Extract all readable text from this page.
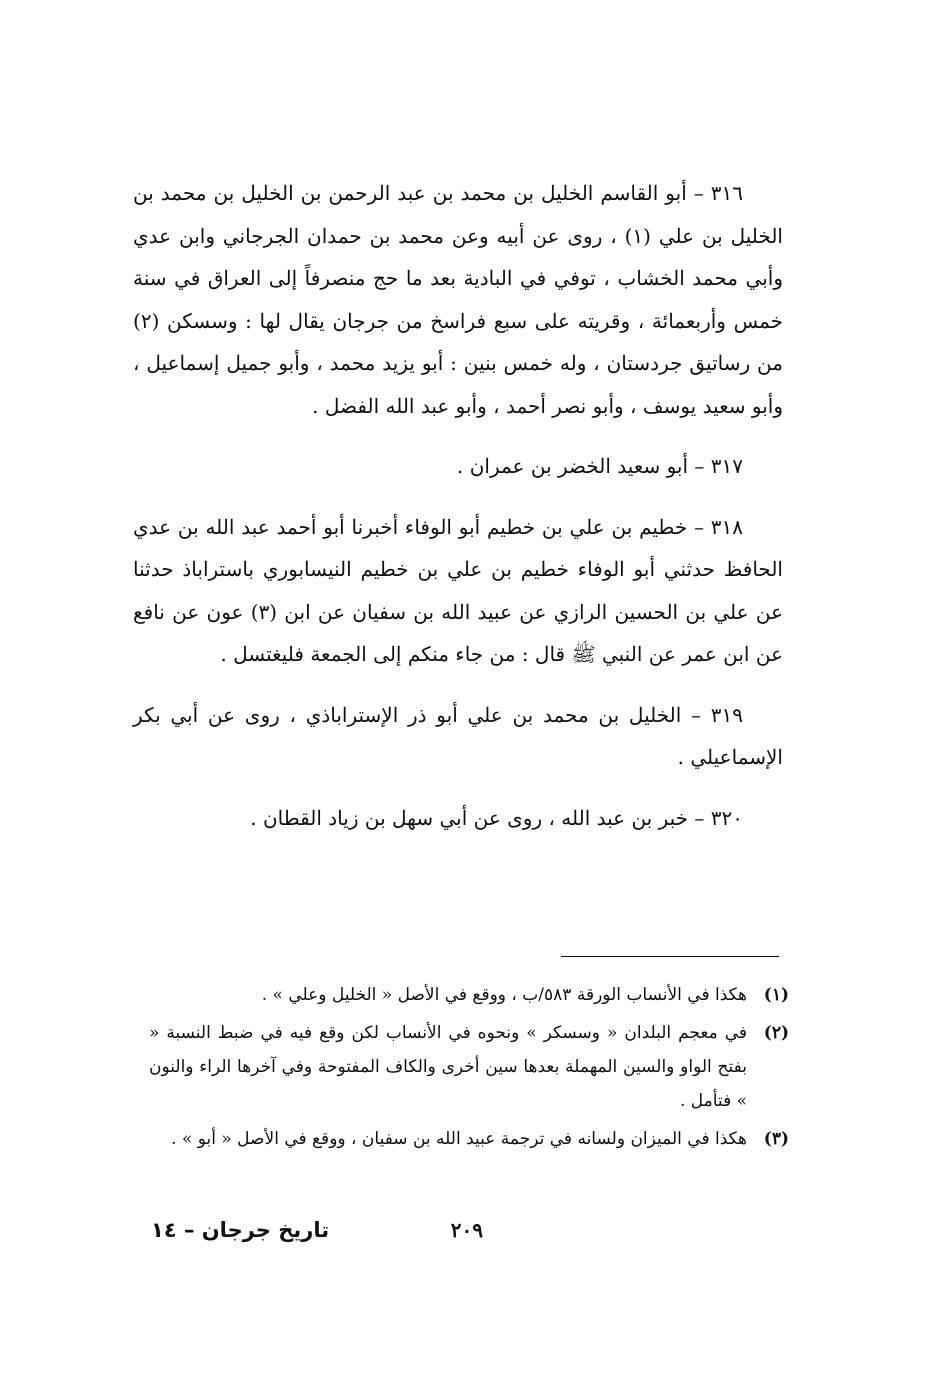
٣١٦ – أبو القاسم الخليل بن محمد بن عبد الرحمن بن الخليل بن محمد بن الخليل بن علي (١) ، روى عن أبيه وعن محمد بن حمدان الجرجاني وابن عدي وأبي محمد الخشاب ، توفي في البادية بعد ما حج منصرفاً إلى العراق في سنة خمس وأربعمائة ، وقريته على سبع فراسخ من جرجان يقال لها : وسسكن (٢) من رساتيق جردستان ، وله خمس بنين : أبو يزيد محمد ، وأبو جميل إسماعيل ، وأبو سعيد يوسف ، وأبو نصر أحمد ، وأبو عبد الله الفضل .

٣١٧ – أبو سعيد الخضر بن عمران .

٣١٨ – خطيم بن علي بن خطيم أبو الوفاء أخبرنا أبو أحمد عبد الله بن عدي الحافظ حدثني أبو الوفاء خطيم بن علي بن خطيم النيسابوري باستراباذ حدثنا عن علي بن الحسين الرازي عن عبيد الله بن سفيان عن ابن (٣) عون عن نافع عن ابن عمر عن النبي ﷺ قال : من جاء منكم إلى الجمعة فليغتسل .

٣١٩ – الخليل بن محمد بن علي أبو ذر الإستراباذي ، روى عن أبي بكر الإسماعيلي .

٣٢٠ – خبر بن عبد الله ، روى عن أبي سهل بن زياد القطان .

(١)
هكذا في الأنساب الورقة ٥٨٣/ب ، ووقع في الأصل « الخليل وعلي » .
(٢)
في معجم البلدان « وسسكر » ونحوه في الأنساب لكن وقع فيه في ضبط النسبة « بفتح الواو والسين المهملة بعدها سين أخرى والكاف المفتوحة وفي آخرها الراء والنون » فتأمل .
(٣)
هكذا في الميزان ولسانه في ترجمة عبيد الله بن سفيان ، ووقع في الأصل « أبو » .
٢٠٩
تاريخ جرجان – ١٤
